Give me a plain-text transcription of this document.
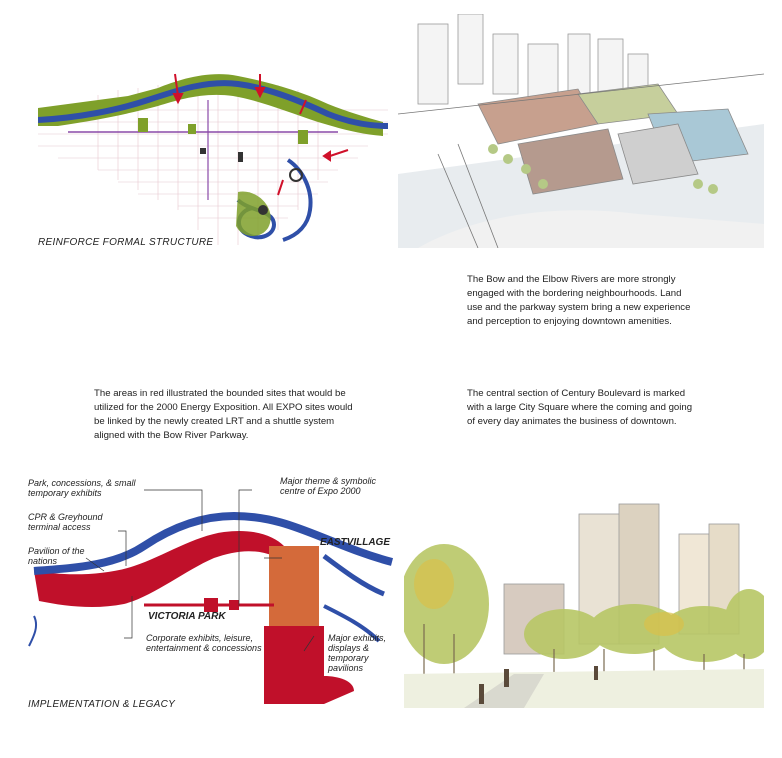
REINFORCE FORMAL STRUCTURE
The Bow and the Elbow Rivers are more strongly engaged with the bordering neighbourhoods. Land use and the parkway system bring a new experience and perception to enjoying downtown amenities.
The areas in red illustrated the bounded sites that would be utilized for the 2000 Energy Exposition. All EXPO sites would be linked by the newly created LRT and a shuttle system aligned with the Bow River Parkway.
The central section of Century Boulevard is marked with a large City Square where the coming and going of every day animates the business of downtown.
Park, concessions, & small temporary exhibits
Major theme & symbolic centre of Expo 2000
CPR & Greyhound terminal access
EASTVILLAGE
Pavilion of the nations
VICTORIA PARK
Corporate exhibits, leisure, entertainment & concessions
Major exhibits, displays & temporary pavilions
IMPLEMENTATION & LEGACY
